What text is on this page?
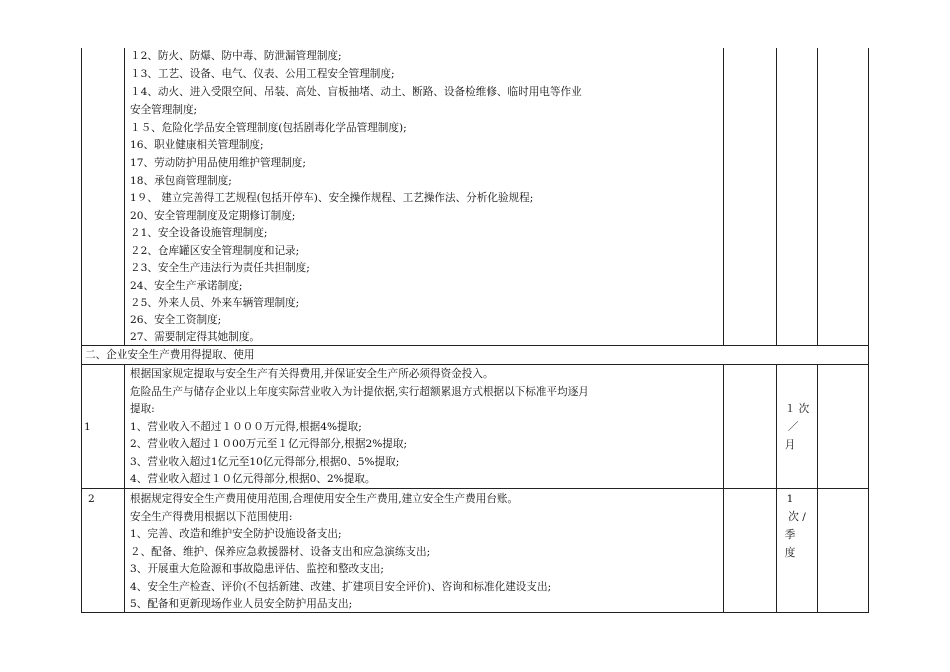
１2、防火、防爆、防中毒、防泄漏管理制度;
１3、工艺、设备、电气、仪表、公用工程安全管理制度;
１4、动火、进入受限空间、吊装、高处、盲板抽堵、动土、断路、设备检维修、临时用电等作业
安全管理制度;
１５、危险化学品安全管理制度(包括剧毒化学品管理制度);
16、职业健康相关管理制度;
17、劳动防护用品使用维护管理制度;
18、承包商管理制度;
1９、 建立完善得工艺规程(包括开停车)、安全操作规程、工艺操作法、分析化验规程;
20、安全管理制度及定期修订制度;
２1、安全设备设施管理制度;
２2、仓库罐区安全管理制度和记录;
２3、安全生产违法行为责任共担制度;
24、安全生产承诺制度;
２5、外来人员、外来车辆管理制度;
26、安全工资制度;
27、需要制定得其她制度。
二、企业安全生产费用得提取、使用
1
根据国家规定提取与安全生产有关得费用,并保证安全生产所必须得资金投入。
危险品生产与储存企业以上年度实际营业收入为计提依据,实行超额累退方式根据以下标准平均逐月
提取:
1、营业收入不超过１０００万元得,根据4%提取;
2、营业收入超过１０00万元至１亿元得部分,根据2%提取;
3、营业收入超过1亿元至10亿元得部分,根据0、5%提取;
4、营业收入超过１０亿元得部分,根据0、2%提取。
１ 次
／
月
2	根据规定得安全生产费用使用范围,合理使用安全生产费用,建立安全生产费用台账。
安全生产得费用根据以下范围使用:
1、完善、改造和维护安全防护设施设备支出;
２、配备、维护、保养应急救援器材、设备支出和应急演练支出;
3、开展重大危险源和事故隐患评估、监控和整改支出;
4、安全生产检查、评价(不包括新建、改建、扩建项目安全评价)、咨询和标准化建设支出;
5、配备和更新现场作业人员安全防护用品支出;
1
次 /
季
度
